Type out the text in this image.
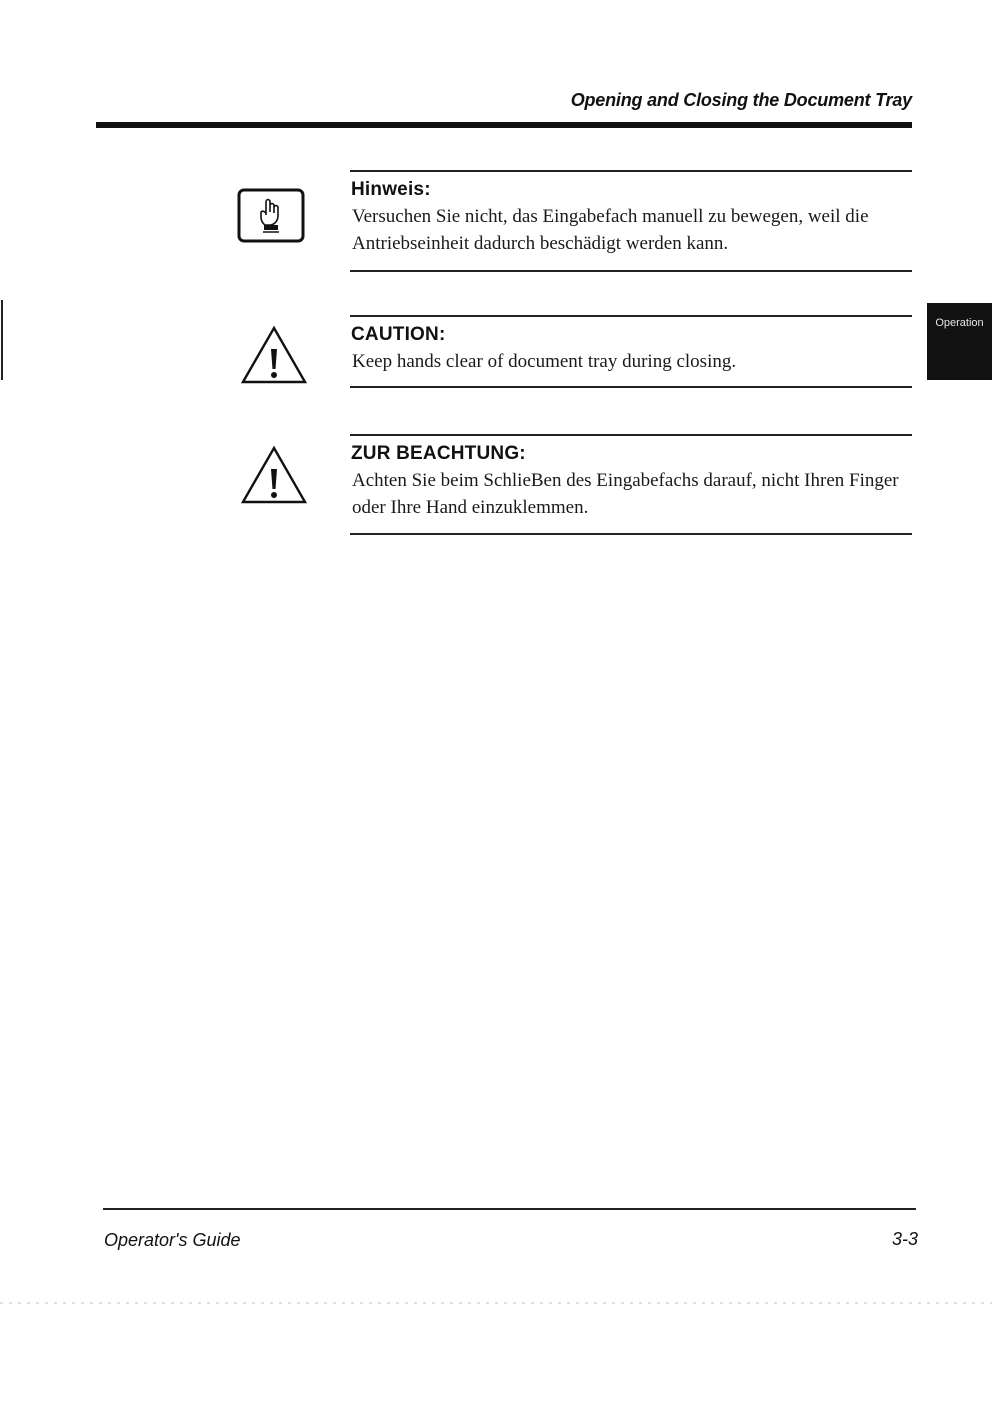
Opening and Closing the Document Tray
Operation
Hinweis:
Versuchen Sie nicht, das Eingabefach manuell zu bewegen, weil die Antriebseinheit dadurch beschädigt werden kann.
CAUTION:
Keep hands clear of document tray during closing.
ZUR BEACHTUNG:
Achten Sie beim SchlieBen des Eingabefachs darauf, nicht Ihren Finger oder Ihre Hand einzuklemmen.
Operator's Guide	3-3
